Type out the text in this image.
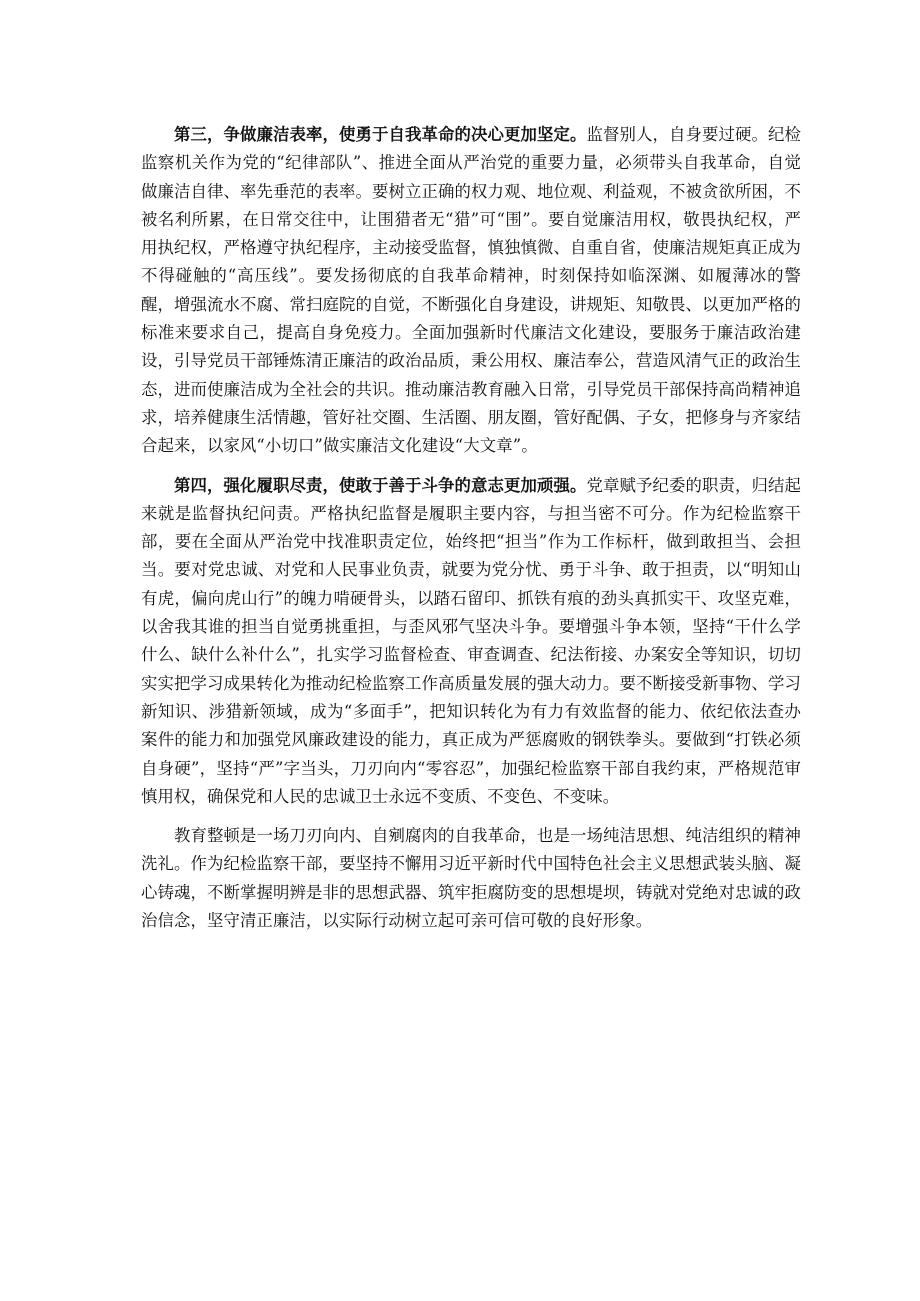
第三，争做廉洁表率，使勇于自我革命的决心更加坚定。监督别人，自身要过硬。纪检监察机关作为党的“纪律部队”、推进全面从严治党的重要力量，必须带头自我革命，自觉做廉洁自律、率先垂范的表率。要树立正确的权力观、地位观、利益观，不被贪欲所困，不被名利所累，在日常交往中，让围猎者无“猎”可“围”。要自觉廉洁用权，敬畏执纪权，严用执纪权，严格遵守执纪程序，主动接受监督，慎独慎微、自重自省，使廉洁规矩真正成为不得碰触的“高压线”。要发扬彻底的自我革命精神，时刻保持如临深渊、如履薄冰的警醒，增强流水不腐、常扫庭院的自觉，不断强化自身建设，讲规矩、知敬畏、以更加严格的标准来要求自己，提高自身免疫力。全面加强新时代廉洁文化建设，要服务于廉洁政治建设，引导党员干部锤炼清正廉洁的政治品质，秉公用权、廉洁奉公，营造风清气正的政治生态，进而使廉洁成为全社会的共识。推动廉洁教育融入日常，引导党员干部保持高尚精神追求，培养健康生活情趣，管好社交圈、生活圈、朋友圈，管好配偶、子女，把修身与齐家结合起来，以家风“小切口”做实廉洁文化建设“大文章”。

第四，强化履职尽责，使敢于善于斗争的意志更加顽强。党章赋予纪委的职责，归结起来就是监督执纪问责。严格执纪监督是履职主要内容，与担当密不可分。作为纪检监察干部，要在全面从严治党中找准职责定位，始终把“担当”作为工作标杆，做到敢担当、会担当。要对党忠诚、对党和人民事业负责，就要为党分忧、勇于斗争、敢于担责，以“明知山有虎，偏向虎山行”的魄力啃硬骨头，以踏石留印、抓铁有痕的劲头真抓实干、攻坚克难，以舍我其谁的担当自觉勇挑重担，与歪风邪气坚决斗争。要增强斗争本领，坚持“干什么学什么、缺什么补什么”，扎实学习监督检查、审查调查、纪法衔接、办案安全等知识，切切实实把学习成果转化为推动纪检监察工作高质量发展的强大动力。要不断接受新事物、学习新知识、涉猎新领域，成为“多面手”，把知识转化为有力有效监督的能力、依纪依法查办案件的能力和加强党风廉政建设的能力，真正成为严惩腐败的钢铁拳头。要做到“打铁必须自身硬”，坚持“严”字当头，刀刃向内“零容忍”，加强纪检监察干部自我约束，严格规范审慎用权，确保党和人民的忠诚卫士永远不变质、不变色、不变味。

教育整顿是一场刀刃向内、自剜腐肉的自我革命，也是一场纯洁思想、纯洁组织的精神洗礼。作为纪检监察干部，要坚持不懈用习近平新时代中国特色社会主义思想武装头脑、凝心铸魂，不断掌握明辨是非的思想武器、筑牢拒腐防变的思想堤坝，铸就对党绝对忠诚的政治信念，坚守清正廉洁，以实际行动树立起可亲可信可敬的良好形象。
